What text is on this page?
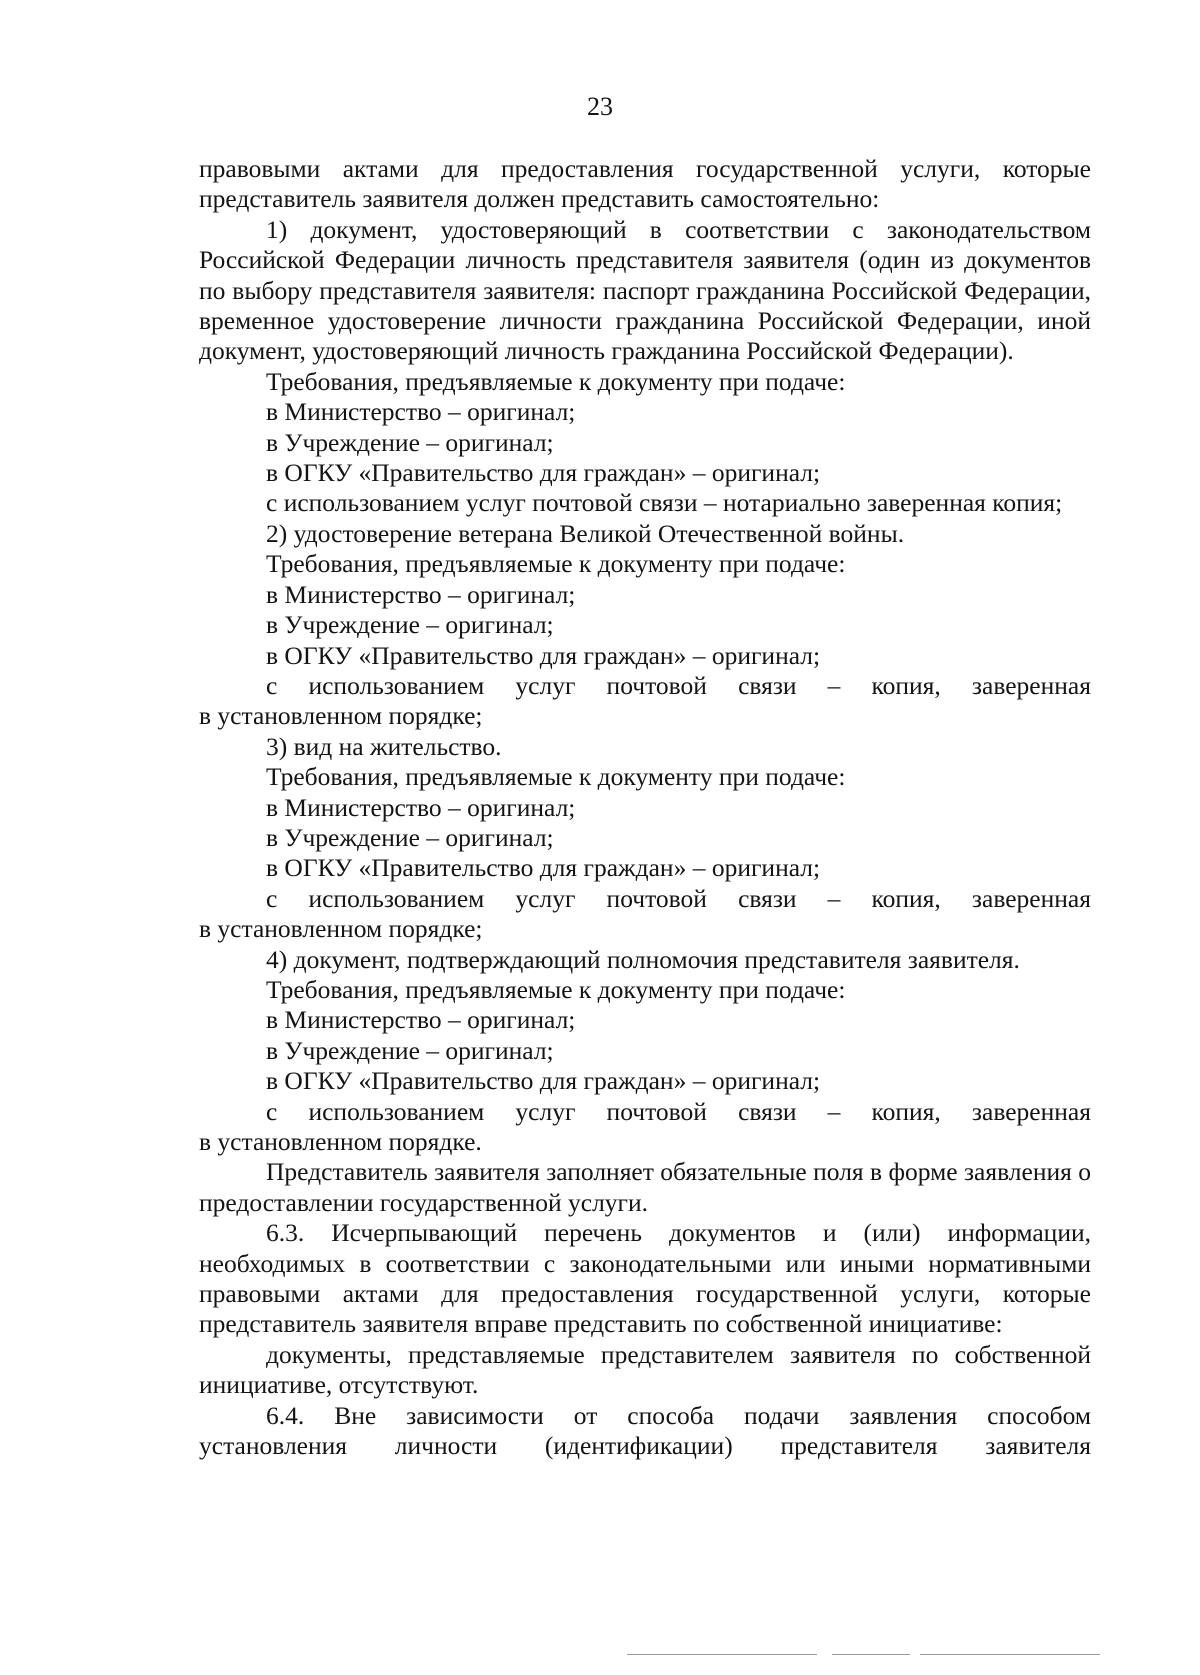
23

правовыми актами для предоставления государственной услуги, которые представитель заявителя должен представить самостоятельно:

1) документ, удостоверяющий в соответствии с законодательством Российской Федерации личность представителя заявителя (один из документов по выбору представителя заявителя: паспорт гражданина Российской Федерации, временное удостоверение личности гражданина Российской Федерации, иной документ, удостоверяющий личность гражданина Российской Федерации).

Требования, предъявляемые к документу при подаче:

в Министерство – оригинал;

в Учреждение – оригинал;

в ОГКУ «Правительство для граждан» – оригинал;

с использованием услуг почтовой связи – нотариально заверенная копия;

2) удостоверение ветерана Великой Отечественной войны.

Требования, предъявляемые к документу при подаче:

в Министерство – оригинал;

в Учреждение – оригинал;

в ОГКУ «Правительство для граждан» – оригинал;

с использованием услуг почтовой связи – копия, заверенная

в установленном порядке;

3) вид на жительство.

Требования, предъявляемые к документу при подаче:

в Министерство – оригинал;

в Учреждение – оригинал;

в ОГКУ «Правительство для граждан» – оригинал;

с использованием услуг почтовой связи – копия, заверенная

в установленном порядке;

4) документ, подтверждающий полномочия представителя заявителя.

Требования, предъявляемые к документу при подаче:

в Министерство – оригинал;

в Учреждение – оригинал;

в ОГКУ «Правительство для граждан» – оригинал;

с использованием услуг почтовой связи – копия, заверенная

в установленном порядке.

Представитель заявителя заполняет обязательные поля в форме заявления о предоставлении государственной услуги.

6.3. Исчерпывающий перечень документов и (или) информации, необходимых в соответствии с законодательными или иными нормативными правовыми актами для предоставления государственной услуги, которые представитель заявителя вправе представить по собственной инициативе:

документы, представляемые представителем заявителя по собственной инициативе, отсутствуют.

6.4. Вне зависимости от способа подачи заявления способом
установления личности (идентификации) представителя заявителя
